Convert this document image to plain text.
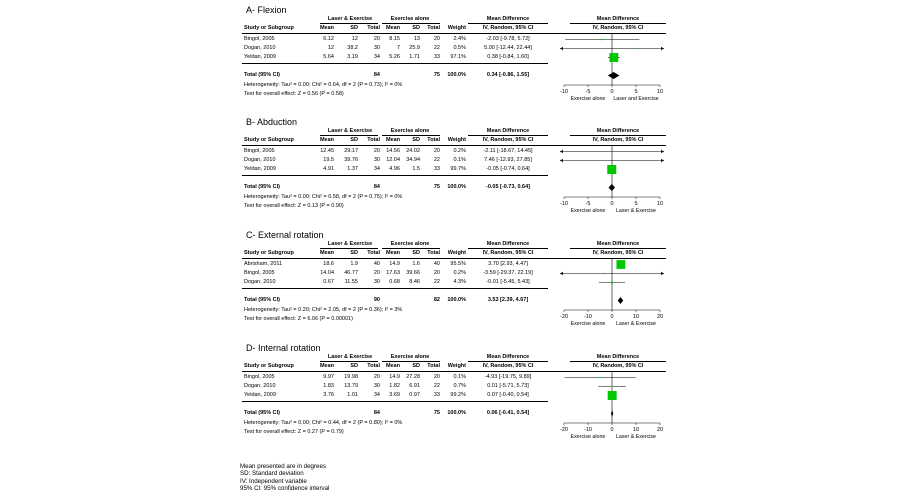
A- Flexion
Laser & Exercise	Exercise alone	Mean Difference	Mean Difference
Study or Subgroup	Mean	SD	Total	Mean	SD	Total	Weight	IV, Random, 95% CI	IV, Random, 95% CI
Bingol, 2005	6.12	12	20	8.15	13	20	2.4%	-2.03 [-9.78, 5.72]
Dogan, 2010	12	38.2	30	7	25.9	22	0.5%	5.00 [-12.44, 22.44]
Yeldan, 2009	5.64	3.19	34	5.26	1.71	33	97.1%	0.38 [-0.84, 1.60]
Total (95% CI)	84	75	100.0%	0.34 [-0.86, 1.55]
Heterogeneity: Tau² = 0.00; Chi² = 0.64, df = 2 (P = 0.73); I² = 0%
Test for overall effect: Z = 0.56 (P = 0.58)	-10	-5	0	5	10
Exercise alone Laser and Exercise
B- Abduction
Laser & Exercise	Exercise alone	Mean Difference	Mean Difference
Study or Subgroup	Mean	SD	Total	Mean	SD	Total	Weight	IV, Random, 95% CI	IV, Random, 95% CI
Bingol, 2005	12.45	29.17	20	14.56	24.02	20	0.2%	-2.11 [-18.67, 14.45]
Dogan, 2010	19.5	39.76	30	12.04	34.94	22	0.1%	7.46 [-12.93, 27.85]
Yeldan, 2009	4.91	1.37	34	4.96	1.5	33	99.7%	-0.05 [-0.74, 0.64]
Total (95% CI)	84	75	100.0%	-0.05 [-0.73, 0.64]
Heterogeneity: Tau² = 0.00; Chi² = 0.58, df = 2 (P = 0.75); I² = 0%
Test for overall effect: Z = 0.13 (P = 0.90)	-10	-5	0	5	10
Exercise alone Laser & Exercise
C- External rotation
Laser & Exercise	Exercise alone	Mean Difference	Mean Difference
Study or Subgroup	Mean	SD	Total	Mean	SD	Total	Weight	IV, Random, 95% CI	IV, Random, 95% CI
Abrisham, 2011	18.6	1.9	40	14.9	1.6	40	95.5%	3.70 [2.93, 4.47]
Bingol, 2005	14.04	46.77	20	17.63	39.66	20	0.2%	-3.59 [-29.37, 22.19]
Dogan, 2010	0.67	11.55	30	0.68	8.46	22	4.3%	-0.01 [-5.45, 5.43]
Total (95% CI)	90	82	100.0%	3.53 [2.39, 4.67]
Heterogeneity: Tau² = 0.20; Chi² = 2.05, df = 2 (P = 0.36); I² = 3%
Test for overall effect: Z = 6.06 (P = 0.00001)	-20	-10	0	10	20
Exercise alone Laser & Exercise
D- Internal rotation
Laser & Exercise	Exercise alone	Mean Difference	Mean Difference
Study or Subgroup	Mean	SD	Total	Mean	SD	Total	Weight	IV, Random, 95% CI	IV, Random, 95% CI
Bingol, 2005	9.97	19.98	20	14.9	27.28	20	0.1%	-4.93 [-19.75, 9.89]
Dogan, 2010	1.83	13.79	30	1.82	6.91	22	0.7%	0.01 [-5.71, 5.73]
Yeldan, 2009	3.76	1.01	34	3.69	0.97	33	99.2%	0.07 [-0.40, 0.54]
Total (95% CI)	84	75	100.0%	0.06 [-0.41, 0.54]
Heterogeneity: Tau² = 0.00; Chi² = 0.44, df = 2 (P = 0.80); I² = 0%
Test for overall effect: Z = 0.27 (P = 0.79)	-20	-10	0	10	20
Exercise alone Laser & Exercise
Mean presented are in degrees
SD: Standard deviation
IV: Independent variable
95% CI: 95% confidence interval
